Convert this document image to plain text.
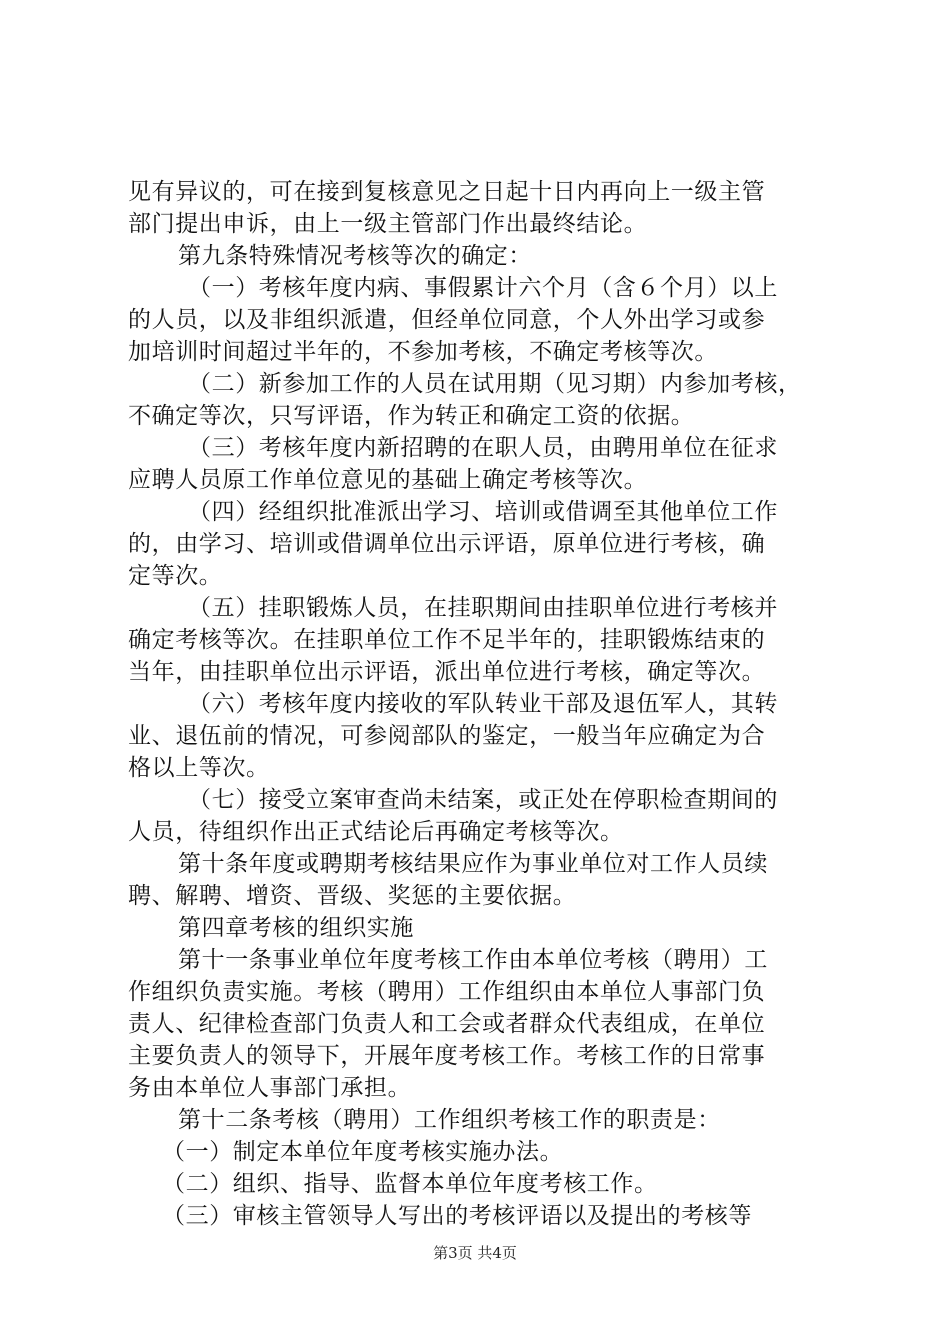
见有异议的，可在接到复核意见之日起十日内再向上一级主管
部门提出申诉，由上一级主管部门作出最终结论。
第九条特殊情况考核等次的确定：
（一）考核年度内病、事假累计六个月（含６个月）以上
的人员，以及非组织派遣，但经单位同意，个人外出学习或参
加培训时间超过半年的，不参加考核，不确定考核等次。
（二）新参加工作的人员在试用期（见习期）内参加考核，
不确定等次，只写评语，作为转正和确定工资的依据。
（三）考核年度内新招聘的在职人员，由聘用单位在征求
应聘人员原工作单位意见的基础上确定考核等次。
（四）经组织批准派出学习、培训或借调至其他单位工作
的，由学习、培训或借调单位出示评语，原单位进行考核，确
定等次。
（五）挂职锻炼人员，在挂职期间由挂职单位进行考核并
确定考核等次。在挂职单位工作不足半年的，挂职锻炼结束的
当年，由挂职单位出示评语，派出单位进行考核，确定等次。
（六）考核年度内接收的军队转业干部及退伍军人，其转
业、退伍前的情况，可参阅部队的鉴定，一般当年应确定为合
格以上等次。
（七）接受立案审查尚未结案，或正处在停职检查期间的
人员，待组织作出正式结论后再确定考核等次。
第十条年度或聘期考核结果应作为事业单位对工作人员续
聘、解聘、增资、晋级、奖惩的主要依据。
第四章考核的组织实施
第十一条事业单位年度考核工作由本单位考核（聘用）工
作组织负责实施。考核（聘用）工作组织由本单位人事部门负
责人、纪律检查部门负责人和工会或者群众代表组成，在单位
主要负责人的领导下，开展年度考核工作。考核工作的日常事
务由本单位人事部门承担。
第十二条考核（聘用）工作组织考核工作的职责是：
（一）制定本单位年度考核实施办法。
（二）组织、指导、监督本单位年度考核工作。
（三）审核主管领导人写出的考核评语以及提出的考核等
第3页 共4页
